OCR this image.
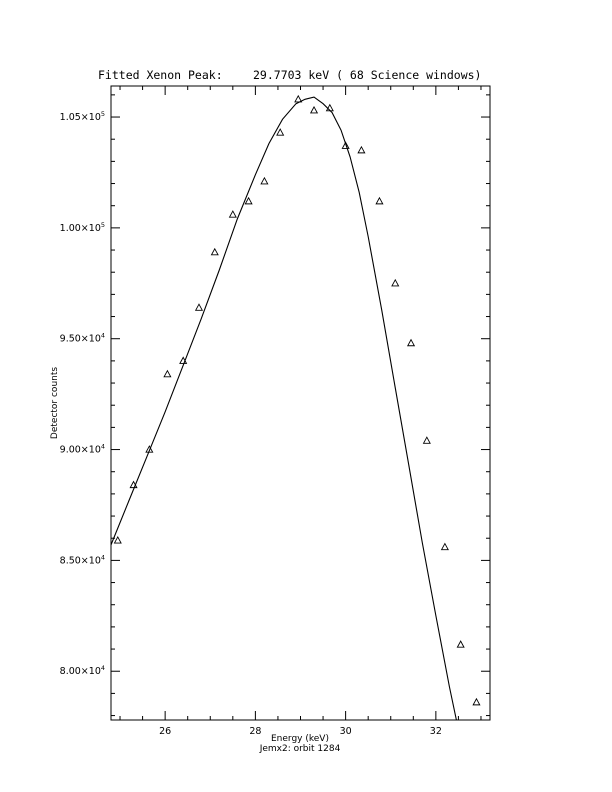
Fitted Xenon Peak:	29.7703 keV ( 68 Science windows)
26	28	30	32
$8.00\times 10^4$
$8.50\times 10^4$
$9.00\times 10^4$
$9.50\times 10^4$
$1.00\times 10^5$
$1.05\times 10^5$
Energy (keV)
Jemx2: orbit 1284
Detector counts
